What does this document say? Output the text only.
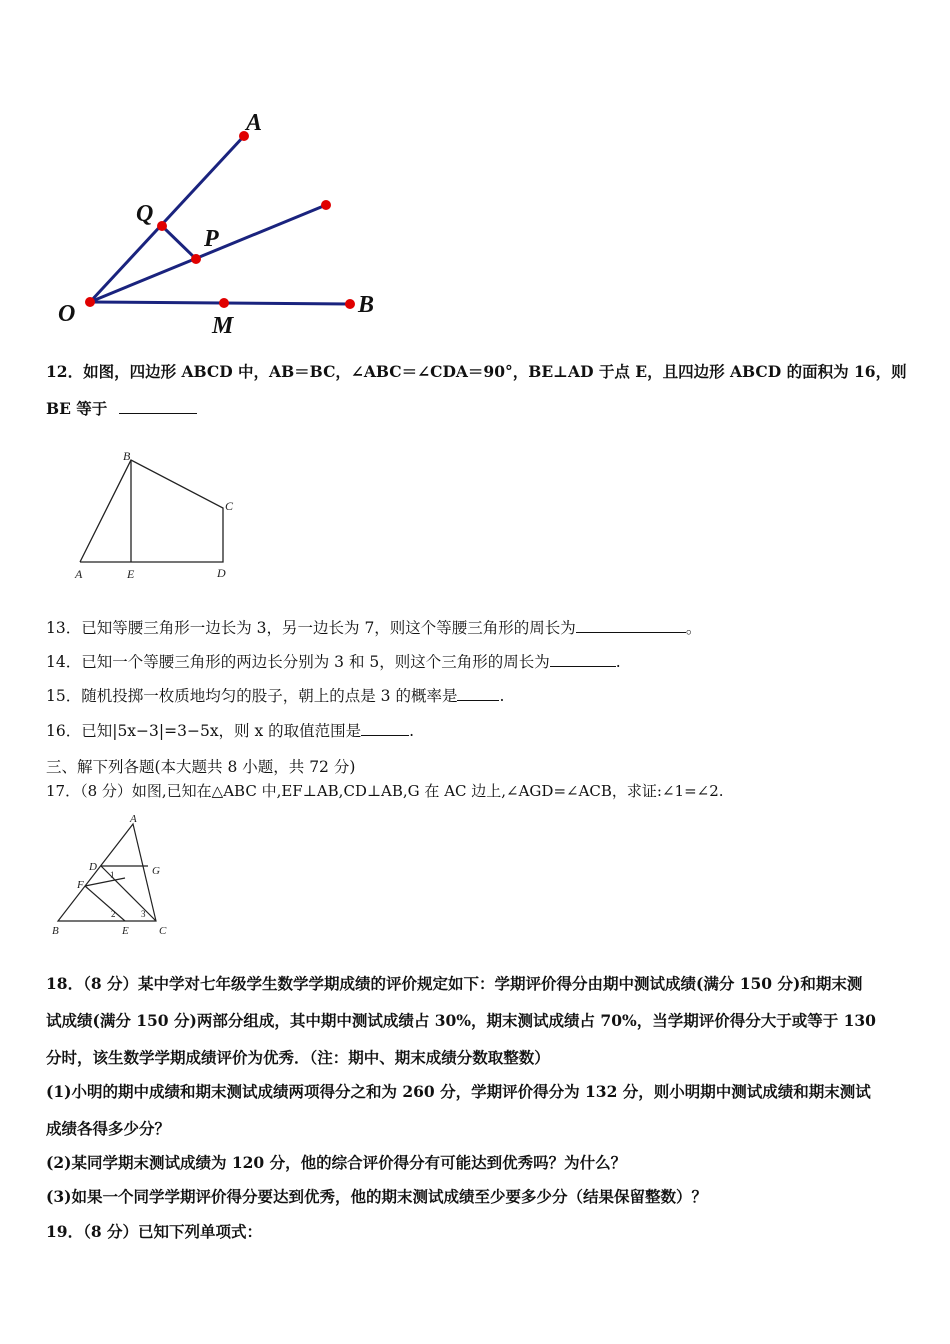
A
Q
P
O	M
B
12．如图，四边形 ABCD 中，AB＝BC，∠ABC＝∠CDA＝90°，BE⊥AD 于点 E，且四边形 ABCD 的面积为 16，则
BE 等于
B
C
A	E	D
13．已知等腰三角形一边长为 3，另一边长为 7，则这个等腰三角形的周长为	。
14．已知一个等腰三角形的两边长分别为 3 和 5，则这个三角形的周长为	.
15．随机投掷一枚质地均匀的股子，朝上的点是 3 的概率是	.
16．已知|5x−3|=3−5x，则 x 的取值范围是	.
三、解下列各题(本大题共 8 小题，共 72 分)
17．（8 分）如图,已知在△ABC 中,EF⊥AB,CD⊥AB,G 在 AC 边上,∠AGD=∠ACB，求证:∠1=∠2.
A
D	G
F
B	E	C
1
2	3
18．（8 分）某中学对七年级学生数学学期成绩的评价规定如下：学期评价得分由期中测试成绩(满分 150 分)和期末测
试成绩(满分 150 分)两部分组成，其中期中测试成绩占 30%，期末测试成绩占 70%，当学期评价得分大于或等于 130
分时，该生数学学期成绩评价为优秀．（注：期中、期末成绩分数取整数）
(1)小明的期中成绩和期末测试成绩两项得分之和为 260 分，学期评价得分为 132 分，则小明期中测试成绩和期末测试
成绩各得多少分？
(2)某同学期末测试成绩为 120 分，他的综合评价得分有可能达到优秀吗？为什么？
(3)如果一个同学学期评价得分要达到优秀，他的期末测试成绩至少要多少分（结果保留整数）？
19．（8 分）已知下列单项式：
